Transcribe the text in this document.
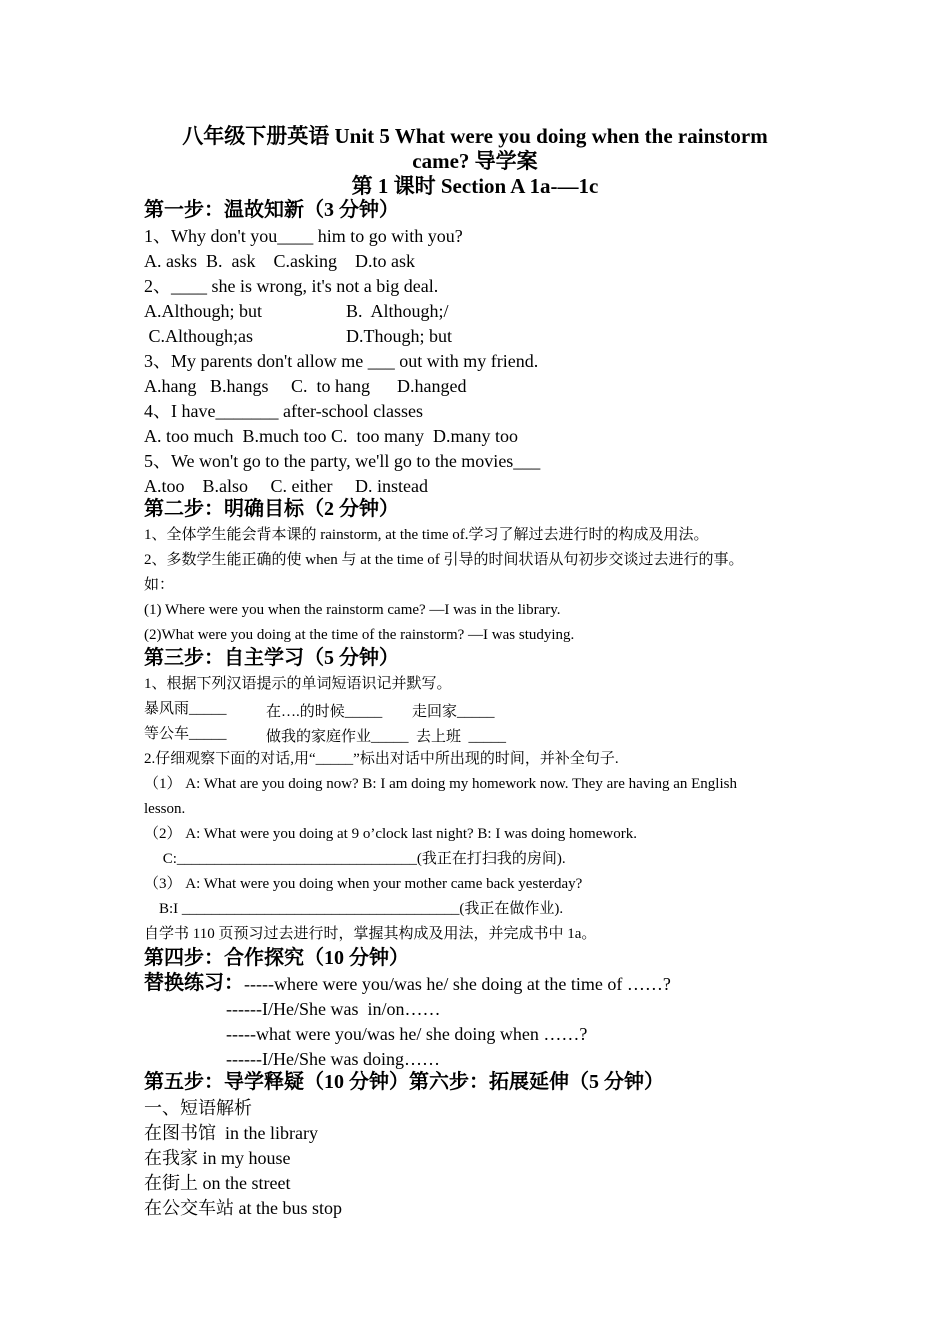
八年级下册英语 Unit 5 What were you doing when the rainstorm
came? 导学案
第 1 课时 Section A 1a-—1c
第一步：温故知新（3 分钟）
1、Why don't you____ him to go with you?
A. asks  B.  ask    C.asking    D.to ask
2、____ she is wrong, it's not a big deal.
A.Although; but	B.  Although;/
C.Although;as	D.Though; but
3、My parents don't allow me ___ out with my friend.
A.hang   B.hangs     C.  to hang      D.hanged
4、I have_______ after-school classes
A. too much  B.much too C.  too many  D.many too
5、We won't go to the party, we'll go to the movies___
A.too    B.also     C. either     D. instead
第二步：明确目标（2 分钟）
1、全体学生能会背本课的 rainstorm, at the time of.学习了解过去进行时的构成及用法。
2、多数学生能正确的使 when 与 at the time of 引导的时间状语从句初步交谈过去进行的事。
如：
(1) Where were you when the rainstorm came? —I was in the library.
(2)What were you doing at the time of the rainstorm? —I was studying.
第三步：自主学习（5 分钟）
1、根据下列汉语提示的单词短语识记并默写。
暴风雨_____	在….的时候_____ 走回家_____
等公车_____	做我的家庭作业_____  去上班  _____
2.仔细观察下面的对话,用“_____”标出对话中所出现的时间，并补全句子.
（1） A: What are you doing now? B: I am doing my homework now. They are having an English
lesson.
（2） A: What were you doing at 9 o’clock last night? B: I was doing homework.
C:________________________________(我正在打扫我的房间).
（3） A: What were you doing when your mother came back yesterday?
B:I _____________________________________(我正在做作业).
自学书 110 页预习过去进行时，掌握其构成及用法，并完成书中 1a。
第四步：合作探究（10 分钟）
替换练习： -----where were you/was he/ she doing at the time of ……?
------I/He/She was  in/on……
-----what were you/was he/ she doing when ……?
------I/He/She was doing……
第五步：导学释疑（10 分钟）第六步：拓展延伸（5 分钟）
一、短语解析
在图书馆  in the library
在我家 in my house
在街上 on the street
在公交车站 at the bus stop
